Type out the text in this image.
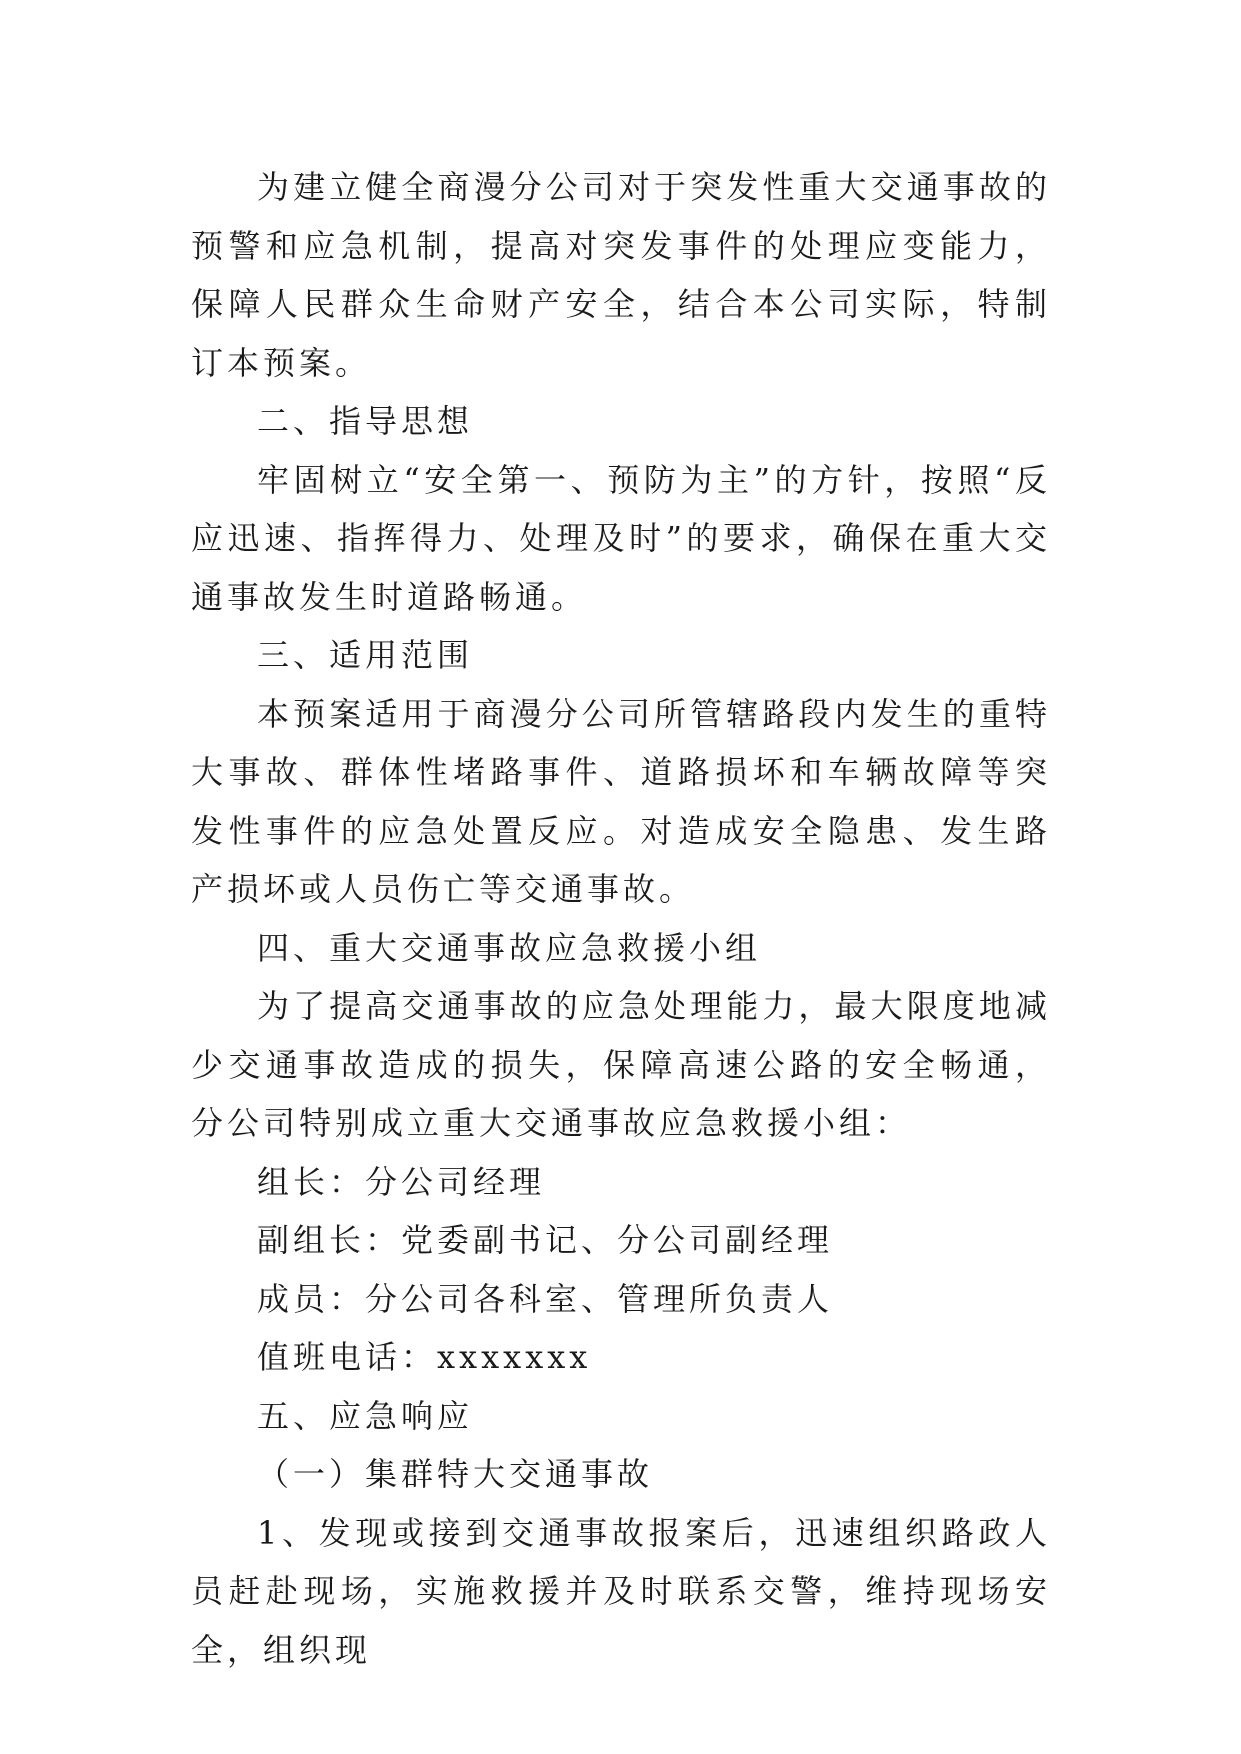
为建立健全商漫分公司对于突发性重大交通事故的预警和应急机制，提高对突发事件的处理应变能力，保障人民群众生命财产安全，结合本公司实际，特制订本预案。

二、指导思想

牢固树立“安全第一、预防为主”的方针，按照“反应迅速、指挥得力、处理及时”的要求，确保在重大交通事故发生时道路畅通。

三、适用范围

本预案适用于商漫分公司所管辖路段内发生的重特大事故、群体性堵路事件、道路损坏和车辆故障等突发性事件的应急处置反应。对造成安全隐患、发生路产损坏或人员伤亡等交通事故。

四、重大交通事故应急救援小组

为了提高交通事故的应急处理能力，最大限度地减少交通事故造成的损失，保障高速公路的安全畅通，分公司特别成立重大交通事故应急救援小组：

组长：分公司经理

副组长：党委副书记、分公司副经理

成员：分公司各科室、管理所负责人

值班电话：xxxxxxx

五、应急响应

（一）集群特大交通事故

1、发现或接到交通事故报案后，迅速组织路政人员赶赴现场，实施救援并及时联系交警，维持现场安全，组织现
